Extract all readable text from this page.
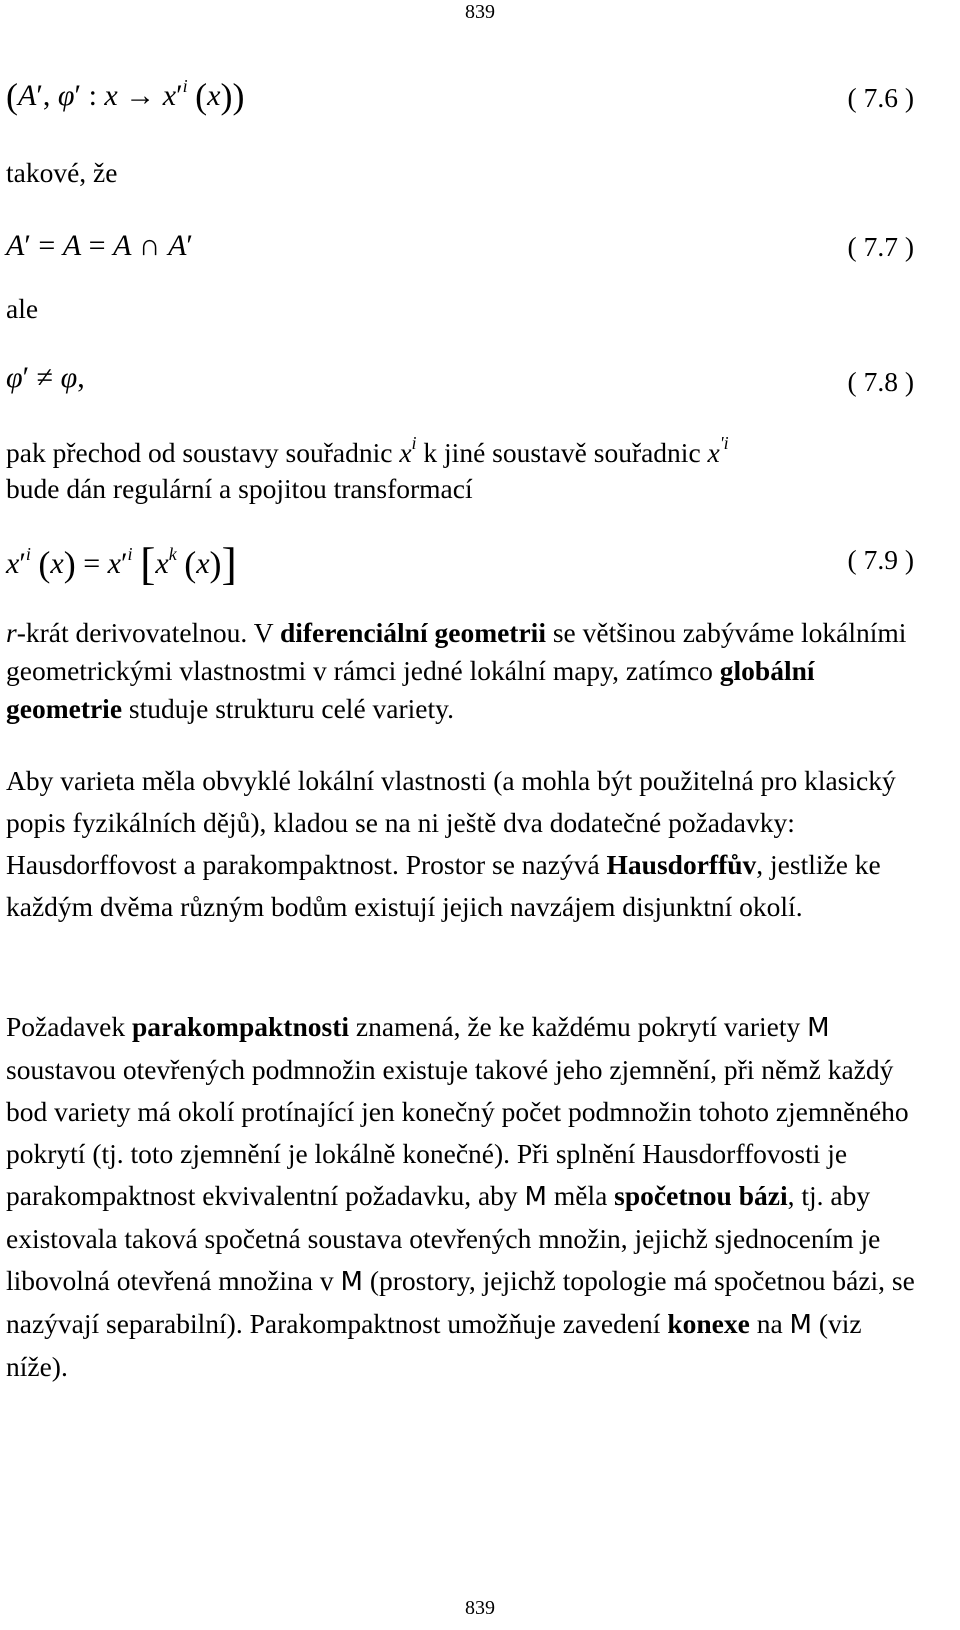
839
(A′, φ′ : $x \to x'^i$ (x))	( 7.6 )
takové, že
A′ = A = A ∩ A′	( 7.7 )
ale
φ′ ≠ φ,	( 7.8 )

pak přechod od soustavy souřadnic $x^i$ k jiné soustavě souřadnic $x^{'i}$

bude dán regulární a spojitou transformací

$x'^i$ $(x) = x'^i$ [$x^k$ (x)]	( 7.9 )

r-krát derivovatelnou. V diferenciální geometrii se většinou zabýváme lokálními geometrickými vlastnostmi v rámci jedné lokální mapy, zatímco globální geometrie studuje strukturu celé variety.

Aby varieta měla obvyklé lokální vlastnosti (a mohla být použitelná pro klasický popis fyzikálních dějů), kladou se na ni ještě dva dodatečné požadavky: Hausdorffovost a parakompaktnost. Prostor se nazývá Hausdorffův, jestliže ke každým dvěma různým bodům existují jejich navzájem disjunktní okolí.

Požadavek parakompaktnosti znamená, že ke každému pokrytí variety M soustavou otevřených podmnožin existuje takové jeho zjemnění, při němž každý bod variety má okolí protínající jen konečný počet podmnožin tohoto zjemněného pokrytí (tj. toto zjemnění je lokálně konečné). Při splnění Hausdorffovosti je parakompaktnost ekvivalentní požadavku, aby M měla spočetnou bázi, tj. aby existovala taková spočetná soustava otevřených množin, jejichž sjednocením je libovolná otevřená množina v M (prostory, jejichž topologie má spočetnou bázi, se nazývají separabilní). Parakompaktnost umožňuje zavedení konexe na M (viz níže).

839
